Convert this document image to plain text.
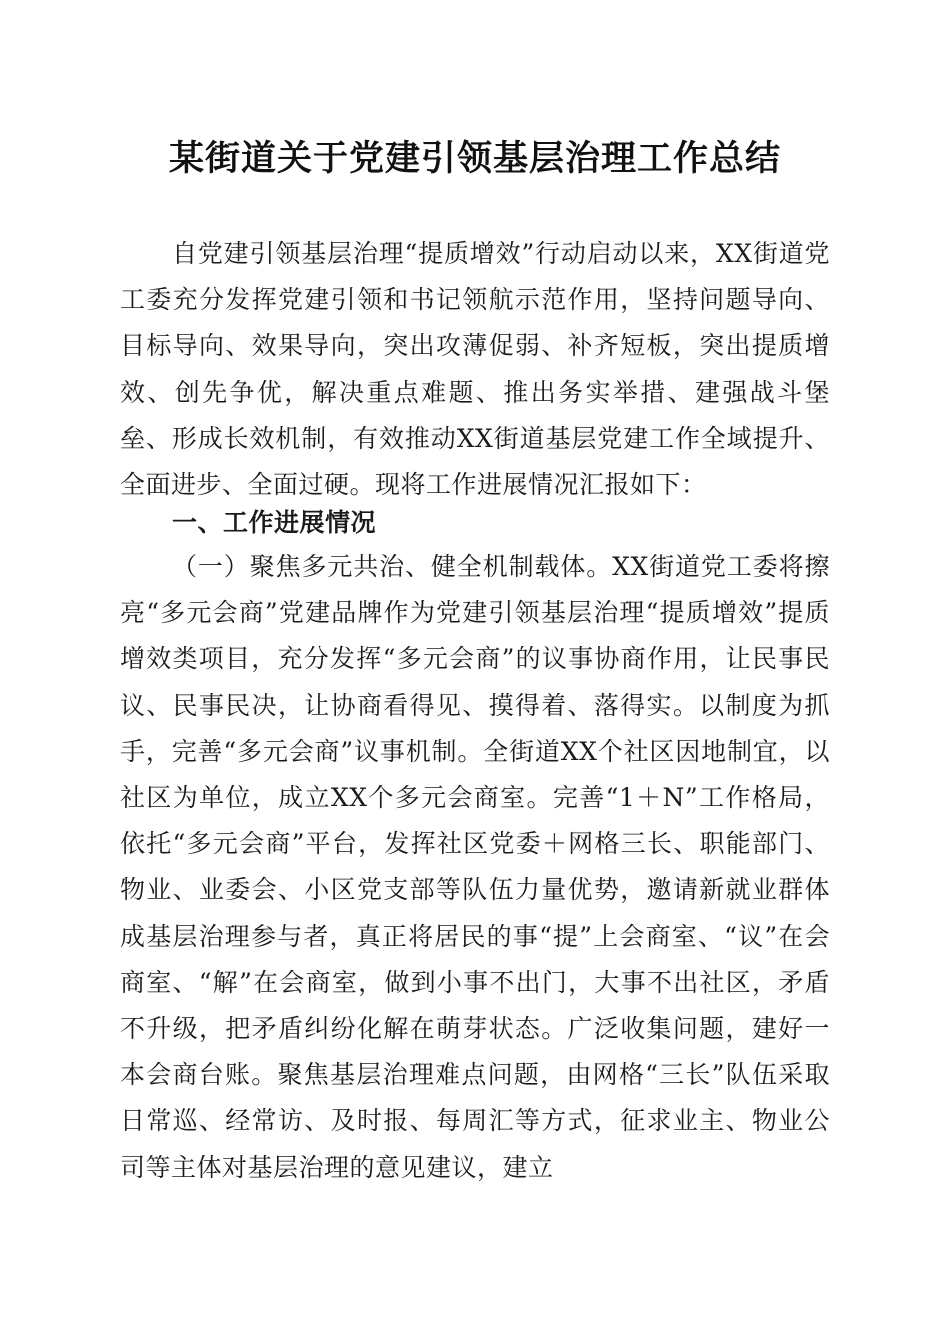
某街道关于党建引领基层治理工作总结

自党建引领基层治理“提质增效”行动启动以来，XX街道党工委充分发挥党建引领和书记领航示范作用，坚持问题导向、目标导向、效果导向，突出攻薄促弱、补齐短板，突出提质增效、创先争优，解决重点难题、推出务实举措、建强战斗堡垒、形成长效机制，有效推动XX街道基层党建工作全域提升、全面进步、全面过硬。现将工作进展情况汇报如下：

一、工作进展情况

（一）聚焦多元共治、健全机制载体。XX街道党工委将擦亮“多元会商”党建品牌作为党建引领基层治理“提质增效”提质增效类项目，充分发挥“多元会商”的议事协商作用，让民事民议、民事民决，让协商看得见、摸得着、落得实。以制度为抓手，完善“多元会商”议事机制。全街道XX个社区因地制宜，以社区为单位，成立XX个多元会商室。完善“1＋N”工作格局，依托“多元会商”平台，发挥社区党委＋网格三长、职能部门、物业、业委会、小区党支部等队伍力量优势，邀请新就业群体成基层治理参与者，真正将居民的事“提”上会商室、“议”在会商室、“解”在会商室，做到小事不出门，大事不出社区，矛盾不升级，把矛盾纠纷化解在萌芽状态。广泛收集问题，建好一本会商台账。聚焦基层治理难点问题，由网格“三长”队伍采取日常巡、经常访、及时报、每周汇等方式，征求业主、物业公司等主体对基层治理的意见建议，建立
